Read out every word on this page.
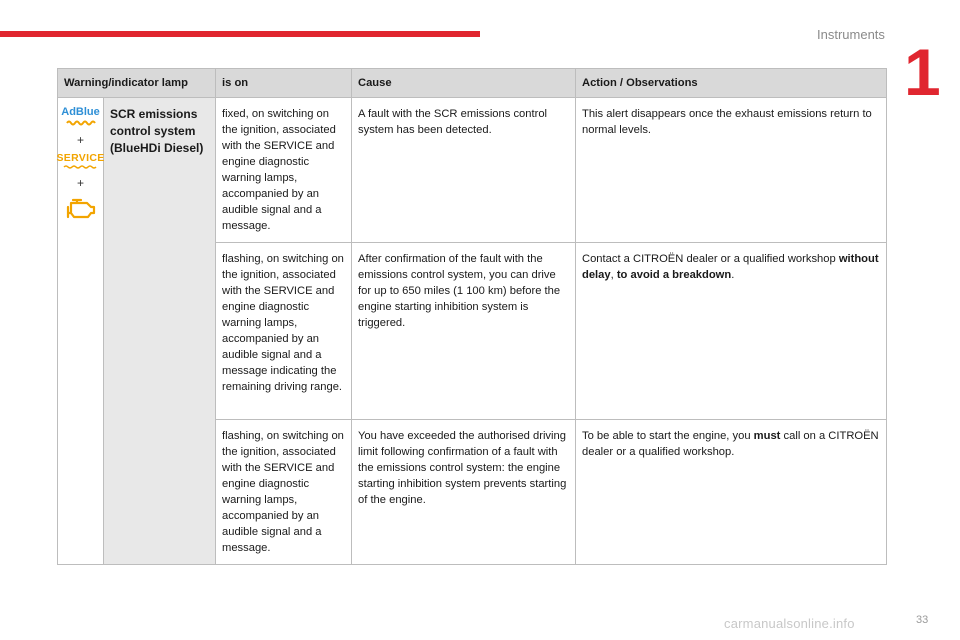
Instruments
1
Warning/indicator lamp		is on	Cause	Action / Observations

AdBlue
+
SERVICE
+	SCR emissions control system (BlueHDi Diesel)	fixed, on switching on the ignition, associated with the SERVICE and engine diagnostic warning lamps, accompanied by an audible signal and a message.	A fault with the SCR emissions control system has been detected.	This alert disappears once the exhaust emissions return to normal levels.
		flashing, on switching on the ignition, associated with the SERVICE and engine diagnostic warning lamps, accompanied by an audible signal and a message indicating the remaining driving range.	After confirmation of the fault with the emissions control system, you can drive for up to 650 miles (1 100 km) before the engine starting inhibition system is triggered.	Contact a CITROËN dealer or a qualified workshop without delay, to avoid a breakdown.
		flashing, on switching on the ignition, associated with the SERVICE and engine diagnostic warning lamps, accompanied by an audible signal and a message.	You have exceeded the authorised driving limit following confirmation of a fault with the emissions control system: the engine starting inhibition system prevents starting of the engine.	To be able to start the engine, you must call on a CITROËN dealer or a qualified workshop.
carmanualsonline.info	33
